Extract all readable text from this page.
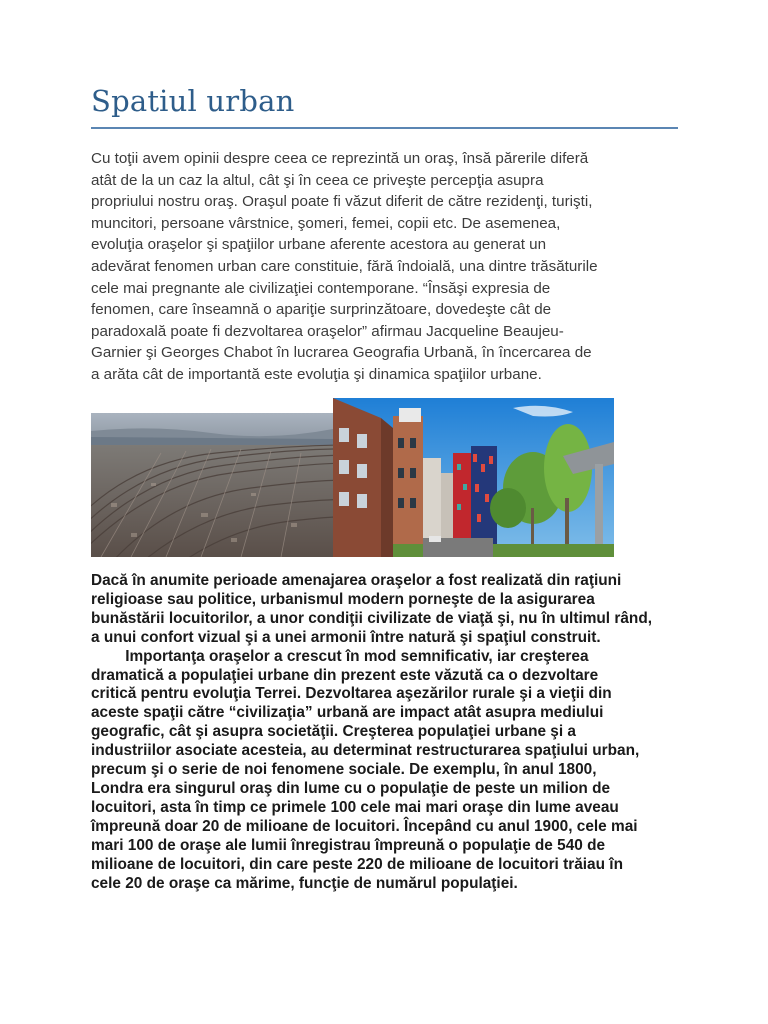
Spatiul urban

Cu toţii avem opinii despre ceea ce reprezintă un oraş, însă părerile diferă
atât de la un caz la altul, cât şi în ceea ce priveşte percepţia asupra
propriului nostru oraş. Oraşul poate fi văzut diferit de către rezidenţi, turişti,
muncitori, persoane vârstnice, şomeri, femei, copii etc. De asemenea,
evoluţia oraşelor şi spaţiilor urbane aferente acestora au generat un
adevărat fenomen urban care constituie, fără îndoială, una dintre trăsăturile
cele mai pregnante ale civilizaţiei contemporane. “Însăşi expresia de
fenomen, care înseamnă o apariţie surprinzătoare, dovedeşte cât de
paradoxală poate fi dezvoltarea oraşelor” afirmau Jacqueline Beaujeu-
Garnier şi Georges Chabot în lucrarea Geografia Urbană, în încercarea de
a arăta cât de importantă este evoluţia şi dinamica spaţiilor urbane.

Dacă în anumite perioade amenajarea oraşelor a fost realizată din raţiuni
religioase sau politice, urbanismul modern porneşte de la asigurarea
bunăstării locuitorilor, a unor condiţii civilizate de viaţă şi, nu în ultimul rând,
a unui confort vizual şi a unei armonii între natură şi spaţiul construit.
Importanţa oraşelor a crescut în mod semnificativ, iar creşterea
dramatică a populaţiei urbane din prezent este văzută ca o dezvoltare
critică pentru evoluţia Terrei. Dezvoltarea aşezărilor rurale şi a vieţii din
aceste spaţii către “civilizaţia” urbană are impact atât asupra mediului
geografic, cât şi asupra societăţii. Creşterea populaţiei urbane şi a
industriilor asociate acesteia, au determinat restructurarea spaţiului urban,
precum şi o serie de noi fenomene sociale. De exemplu, în anul 1800,
Londra era singurul oraş din lume cu o populaţie de peste un milion de
locuitori, asta în timp ce primele 100 cele mai mari oraşe din lume aveau
împreună doar 20 de milioane de locuitori. Începând cu anul 1900, cele mai
mari 100 de oraşe ale lumii înregistrau împreună o populaţie de 540 de
milioane de locuitori, din care peste 220 de milioane de locuitori trăiau în
cele 20 de oraşe ca mărime, funcţie de numărul populaţiei.
